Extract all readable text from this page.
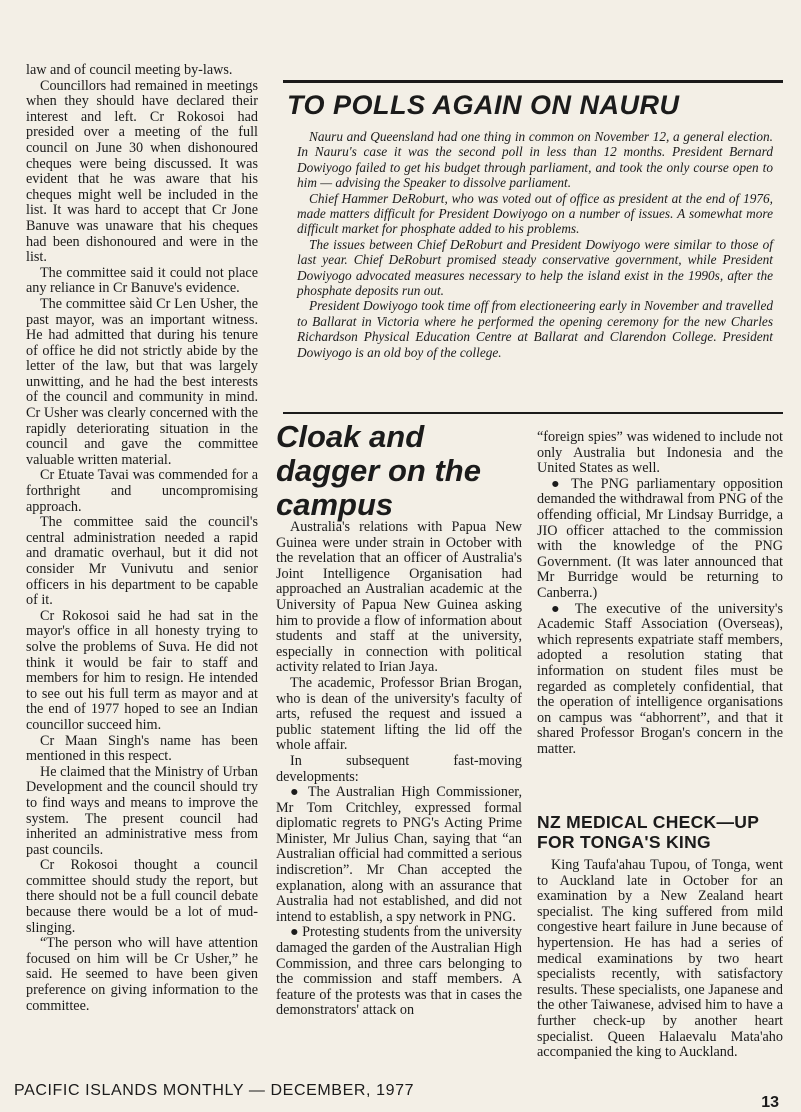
law and of council meeting by-laws.

Councillors had remained in meetings when they should have declared their interest and left. Cr Rokosoi had presided over a meeting of the full council on June 30 when dishonoured cheques were being discussed. It was evident that he was aware that his cheques might well be included in the list. It was hard to accept that Cr Jone Banuve was unaware that his cheques had been dishonoured and were in the list.

The committee said it could not place any reliance in Cr Banuve's evidence.

The committee sàid Cr Len Usher, the past mayor, was an important witness. He had admitted that during his tenure of office he did not strictly abide by the letter of the law, but that was largely unwitting, and he had the best interests of the council and community in mind. Cr Usher was clearly concerned with the rapidly deteriorating situation in the council and gave the committee valuable written material.

Cr Etuate Tavai was commended for a forthright and uncompromising approach.

The committee said the council's central administration needed a rapid and dramatic overhaul, but it did not consider Mr Vunivutu and senior officers in his department to be capable of it.

Cr Rokosoi said he had sat in the mayor's office in all honesty trying to solve the problems of Suva. He did not think it would be fair to staff and members for him to resign. He intended to see out his full term as mayor and at the end of 1977 hoped to see an Indian councillor succeed him.

Cr Maan Singh's name has been mentioned in this respect.

He claimed that the Ministry of Urban Development and the council should try to find ways and means to improve the system. The present council had inherited an administrative mess from past councils.

Cr Rokosoi thought a council committee should study the report, but there should not be a full council debate because there would be a lot of mud-slinging.

“The person who will have attention focused on him will be Cr Usher,” he said. He seemed to have been given preference on giving information to the committee.

TO POLLS AGAIN ON NAURU

Nauru and Queensland had one thing in common on November 12, a general election. In Nauru's case it was the second poll in less than 12 months. President Bernard Dowiyogo failed to get his budget through parliament, and took the only course open to him — advising the Speaker to dissolve parliament.

Chief Hammer DeRoburt, who was voted out of office as president at the end of 1976, made matters difficult for President Dowiyogo on a number of issues. A somewhat more difficult market for phosphate added to his problems.

The issues between Chief DeRoburt and President Dowiyogo were similar to those of last year. Chief DeRoburt promised steady conservative government, while President Dowiyogo advocated measures necessary to help the island exist in the 1990s, after the phosphate deposits run out.

President Dowiyogo took time off from electioneering early in November and travelled to Ballarat in Victoria where he performed the opening ceremony for the new Charles Richardson Physical Education Centre at Ballarat and Clarendon College. President Dowiyogo is an old boy of the college.

Cloak and dagger on the campus

Australia's relations with Papua New Guinea were under strain in October with the revelation that an officer of Australia's Joint Intelligence Organisation had approached an Australian academic at the University of Papua New Guinea asking him to provide a flow of information about students and staff at the university, especially in connection with political activity related to Irian Jaya.

The academic, Professor Brian Brogan, who is dean of the university's faculty of arts, refused the request and issued a public statement lifting the lid off the whole affair.

In subsequent fast-moving developments:

● The Australian High Commissioner, Mr Tom Critchley, expressed formal diplomatic regrets to PNG's Acting Prime Minister, Mr Julius Chan, saying that “an Australian official had committed a serious indiscretion”. Mr Chan accepted the explanation, along with an assurance that Australia had not established, and did not intend to establish, a spy network in PNG.

● Protesting students from the university damaged the garden of the Australian High Commission, and three cars belonging to the commission and staff members. A feature of the protests was that in cases the demonstrators' attack on

“foreign spies” was widened to include not only Australia but Indonesia and the United States as well.

● The PNG parliamentary opposition demanded the withdrawal from PNG of the offending official, Mr Lindsay Burridge, a JIO officer attached to the commission with the knowledge of the PNG Government. (It was later announced that Mr Burridge would be returning to Canberra.)

● The executive of the university's Academic Staff Association (Overseas), which represents expatriate staff members, adopted a resolution stating that information on student files must be regarded as completely confidential, that the operation of intelligence organisations on campus was “abhorrent”, and that it shared Professor Brogan's concern in the matter.

NZ MEDICAL CHECK—UP FOR TONGA'S KING

King Taufa'ahau Tupou, of Tonga, went to Auckland late in October for an examination by a New Zealand heart specialist. The king suffered from mild congestive heart failure in June because of hypertension. He has had a series of medical examinations by two heart specialists recently, with satisfactory results. These specialists, one Japanese and the other Taiwanese, advised him to have a further check-up by another heart specialist. Queen Halaevalu Mata'aho accompanied the king to Auckland.

PACIFIC ISLANDS MONTHLY — DECEMBER, 1977

13
